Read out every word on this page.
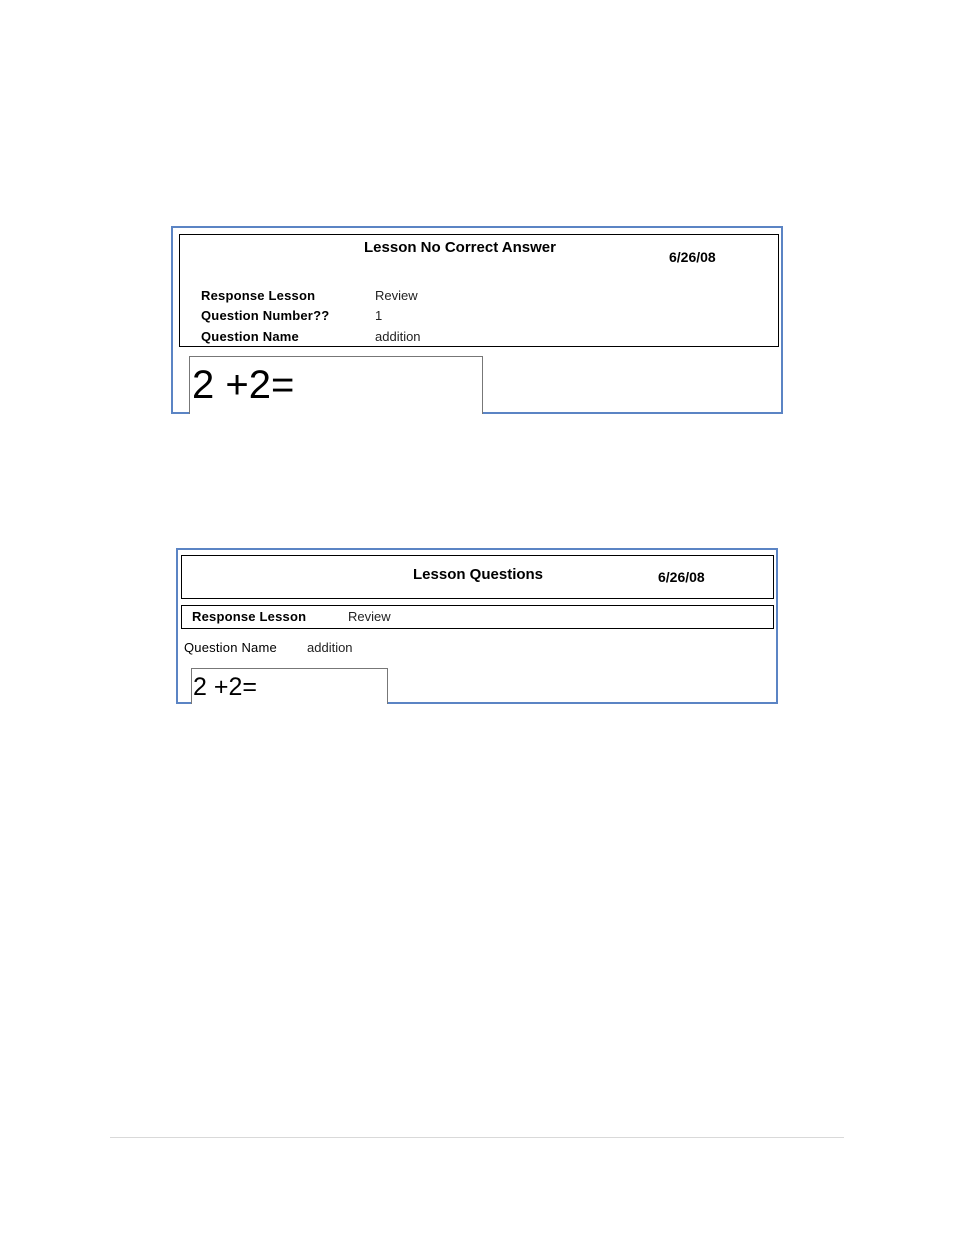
Lesson No Correct Answer
6/26/08
Response Lesson	Review
Question Number??	1
Question Name	addition
2 +2=
Lesson Questions	6/26/08
Response Lesson	Review
Question Name addition
2 +2=
